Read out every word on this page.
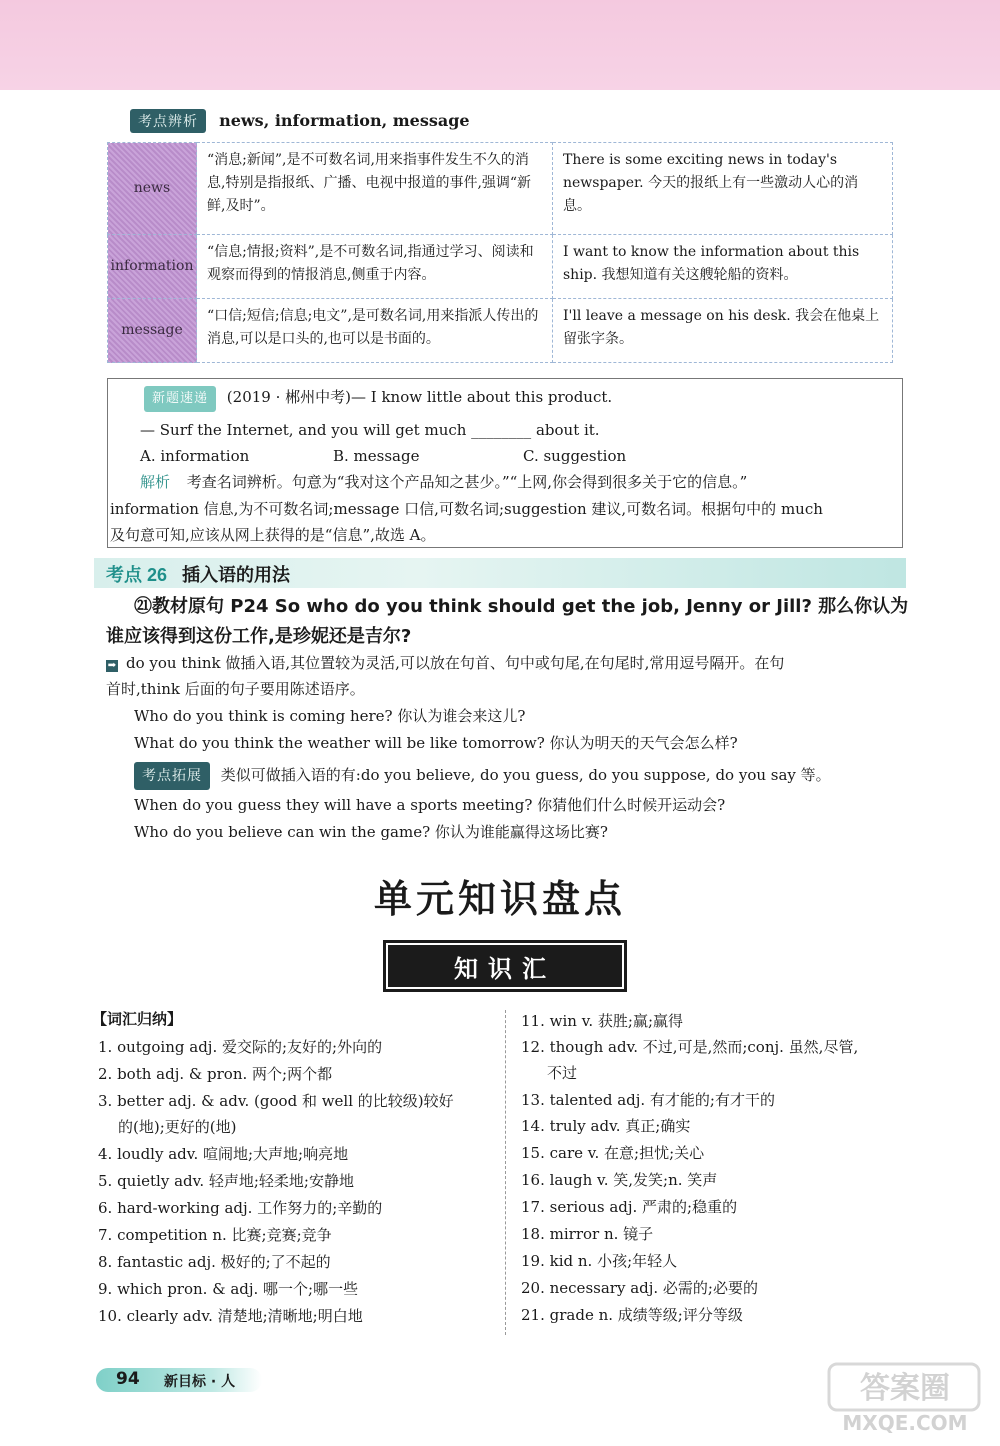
考点辨析 news, information, message
news	“消息;新闻”,是不可数名词,用来指事件发生不久的消息,特别是指报纸、广播、电视中报道的事件,强调“新鲜,及时”。	There is some exciting news in today's newspaper. 今天的报纸上有一些激动人心的消息。
information	“信息;情报;资料”,是不可数名词,指通过学习、阅读和观察而得到的情报消息,侧重于内容。	I want to know the information about this ship. 我想知道有关这艘轮船的资料。
message	“口信;短信;信息;电文”,是可数名词,用来指派人传出的消息,可以是口头的,也可以是书面的。	I'll leave a message on his desk. 我会在他桌上留张字条。
新题速递 (2019 · 郴州中考)— I know little about this product.
— Surf the Internet, and you will get much ________ about it.
A. information	B. message	C. suggestion
解析 考查名词辨析。句意为“我对这个产品知之甚少。”“上网,你会得到很多关于它的信息。”
information 信息,为不可数名词;message 口信,可数名词;suggestion 建议,可数名词。根据句中的 much
及句意可知,应该从网上获得的是“信息”,故选 A。
考点 26 插入语的用法
㉑教材原句 P24 So who do you think should get the job, Jenny or Jill? 那么你认为
谁应该得到这份工作,是珍妮还是吉尔?
➡ do you think 做插入语,其位置较为灵活,可以放在句首、句中或句尾,在句尾时,常用逗号隔开。在句
首时,think 后面的句子要用陈述语序。
Who do you think is coming here? 你认为谁会来这儿?
What do you think the weather will be like tomorrow? 你认为明天的天气会怎么样?
考点拓展 类似可做插入语的有:do you believe, do you guess, do you suppose, do you say 等。
When do you guess they will have a sports meeting? 你猜他们什么时候开运动会?
Who do you believe can win the game? 你认为谁能赢得这场比赛?
单元知识盘点
知识汇
【词汇归纳】
1. outgoing adj. 爱交际的;友好的;外向的
2. both adj. & pron. 两个;两个都
3. better adj. & adv. (good 和 well 的比较级)较好
的(地);更好的(地)
4. loudly adv. 喧闹地;大声地;响亮地
5. quietly adv. 轻声地;轻柔地;安静地
6. hard-working adj. 工作努力的;辛勤的
7. competition n. 比赛;竞赛;竞争
8. fantastic adj. 极好的;了不起的
9. which pron. & adj. 哪一个;哪一些
10. clearly adv. 清楚地;清晰地;明白地
11. win v. 获胜;赢;赢得
12. though adv. 不过,可是,然而;conj. 虽然,尽管,
不过
13. talented adj. 有才能的;有才干的
14. truly adv. 真正;确实
15. care v. 在意;担忧;关心
16. laugh v. 笑,发笑;n. 笑声
17. serious adj. 严肃的;稳重的
18. mirror n. 镜子
19. kid n. 小孩;年轻人
20. necessary adj. 必需的;必要的
21. grade n. 成绩等级;评分等级
94 新目标 · 人	答案圈
MXQE.COM
